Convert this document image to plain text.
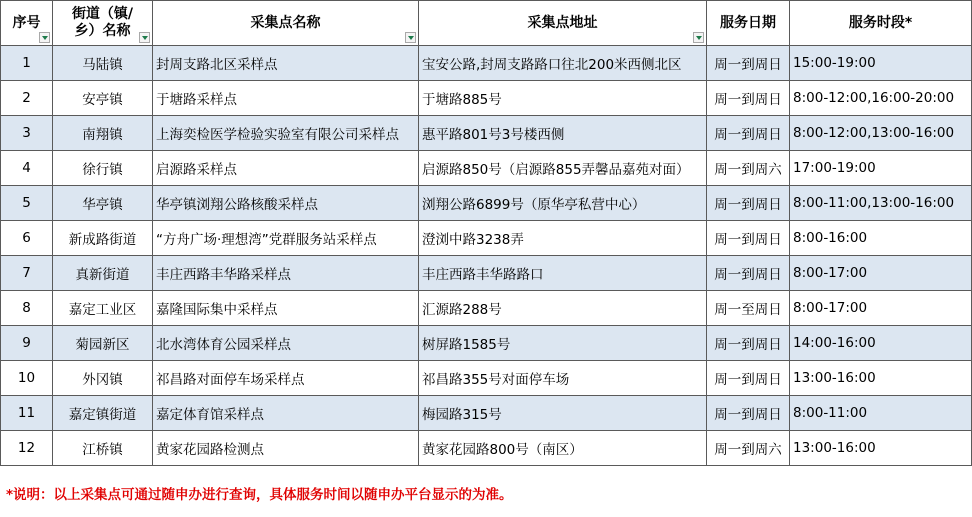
序号	街道（镇/乡）名称	采集点名称	采集点地址	服务日期	服务时段*
1	马陆镇	封周支路北区采样点	宝安公路,封周支路路口往北200米西侧北区	周一到周日	15:00-19:00
2	安亭镇	于塘路采样点	于塘路885号	周一到周日	8:00-12:00,16:00-20:00
3	南翔镇	上海奕检医学检验实验室有限公司采样点	惠平路801号3号楼西侧	周一到周日	8:00-12:00,13:00-16:00
4	徐行镇	启源路采样点	启源路850号（启源路855弄馨品嘉苑对面）	周一到周六	17:00-19:00
5	华亭镇	华亭镇浏翔公路核酸采样点	浏翔公路6899号（原华亭私营中心）	周一到周日	8:00-11:00,13:00-16:00
6	新成路街道	“方舟广场·理想湾”党群服务站采样点	澄浏中路3238弄	周一到周日	8:00-16:00
7	真新街道	丰庄西路丰华路采样点	丰庄西路丰华路路口	周一到周日	8:00-17:00
8	嘉定工业区	嘉隆国际集中采样点	汇源路288号	周一至周日	8:00-17:00
9	菊园新区	北水湾体育公园采样点	树屏路1585号	周一到周日	14:00-16:00
10	外冈镇	祁昌路对面停车场采样点	祁昌路355号对面停车场	周一到周日	13:00-16:00
11	嘉定镇街道	嘉定体育馆采样点	梅园路315号	周一到周日	8:00-11:00
12	江桥镇	黄家花园路检测点	黄家花园路800号（南区）	周一到周六	13:00-16:00
*说明：以上采集点可通过随申办进行查询，具体服务时间以随申办平台显示的为准。
